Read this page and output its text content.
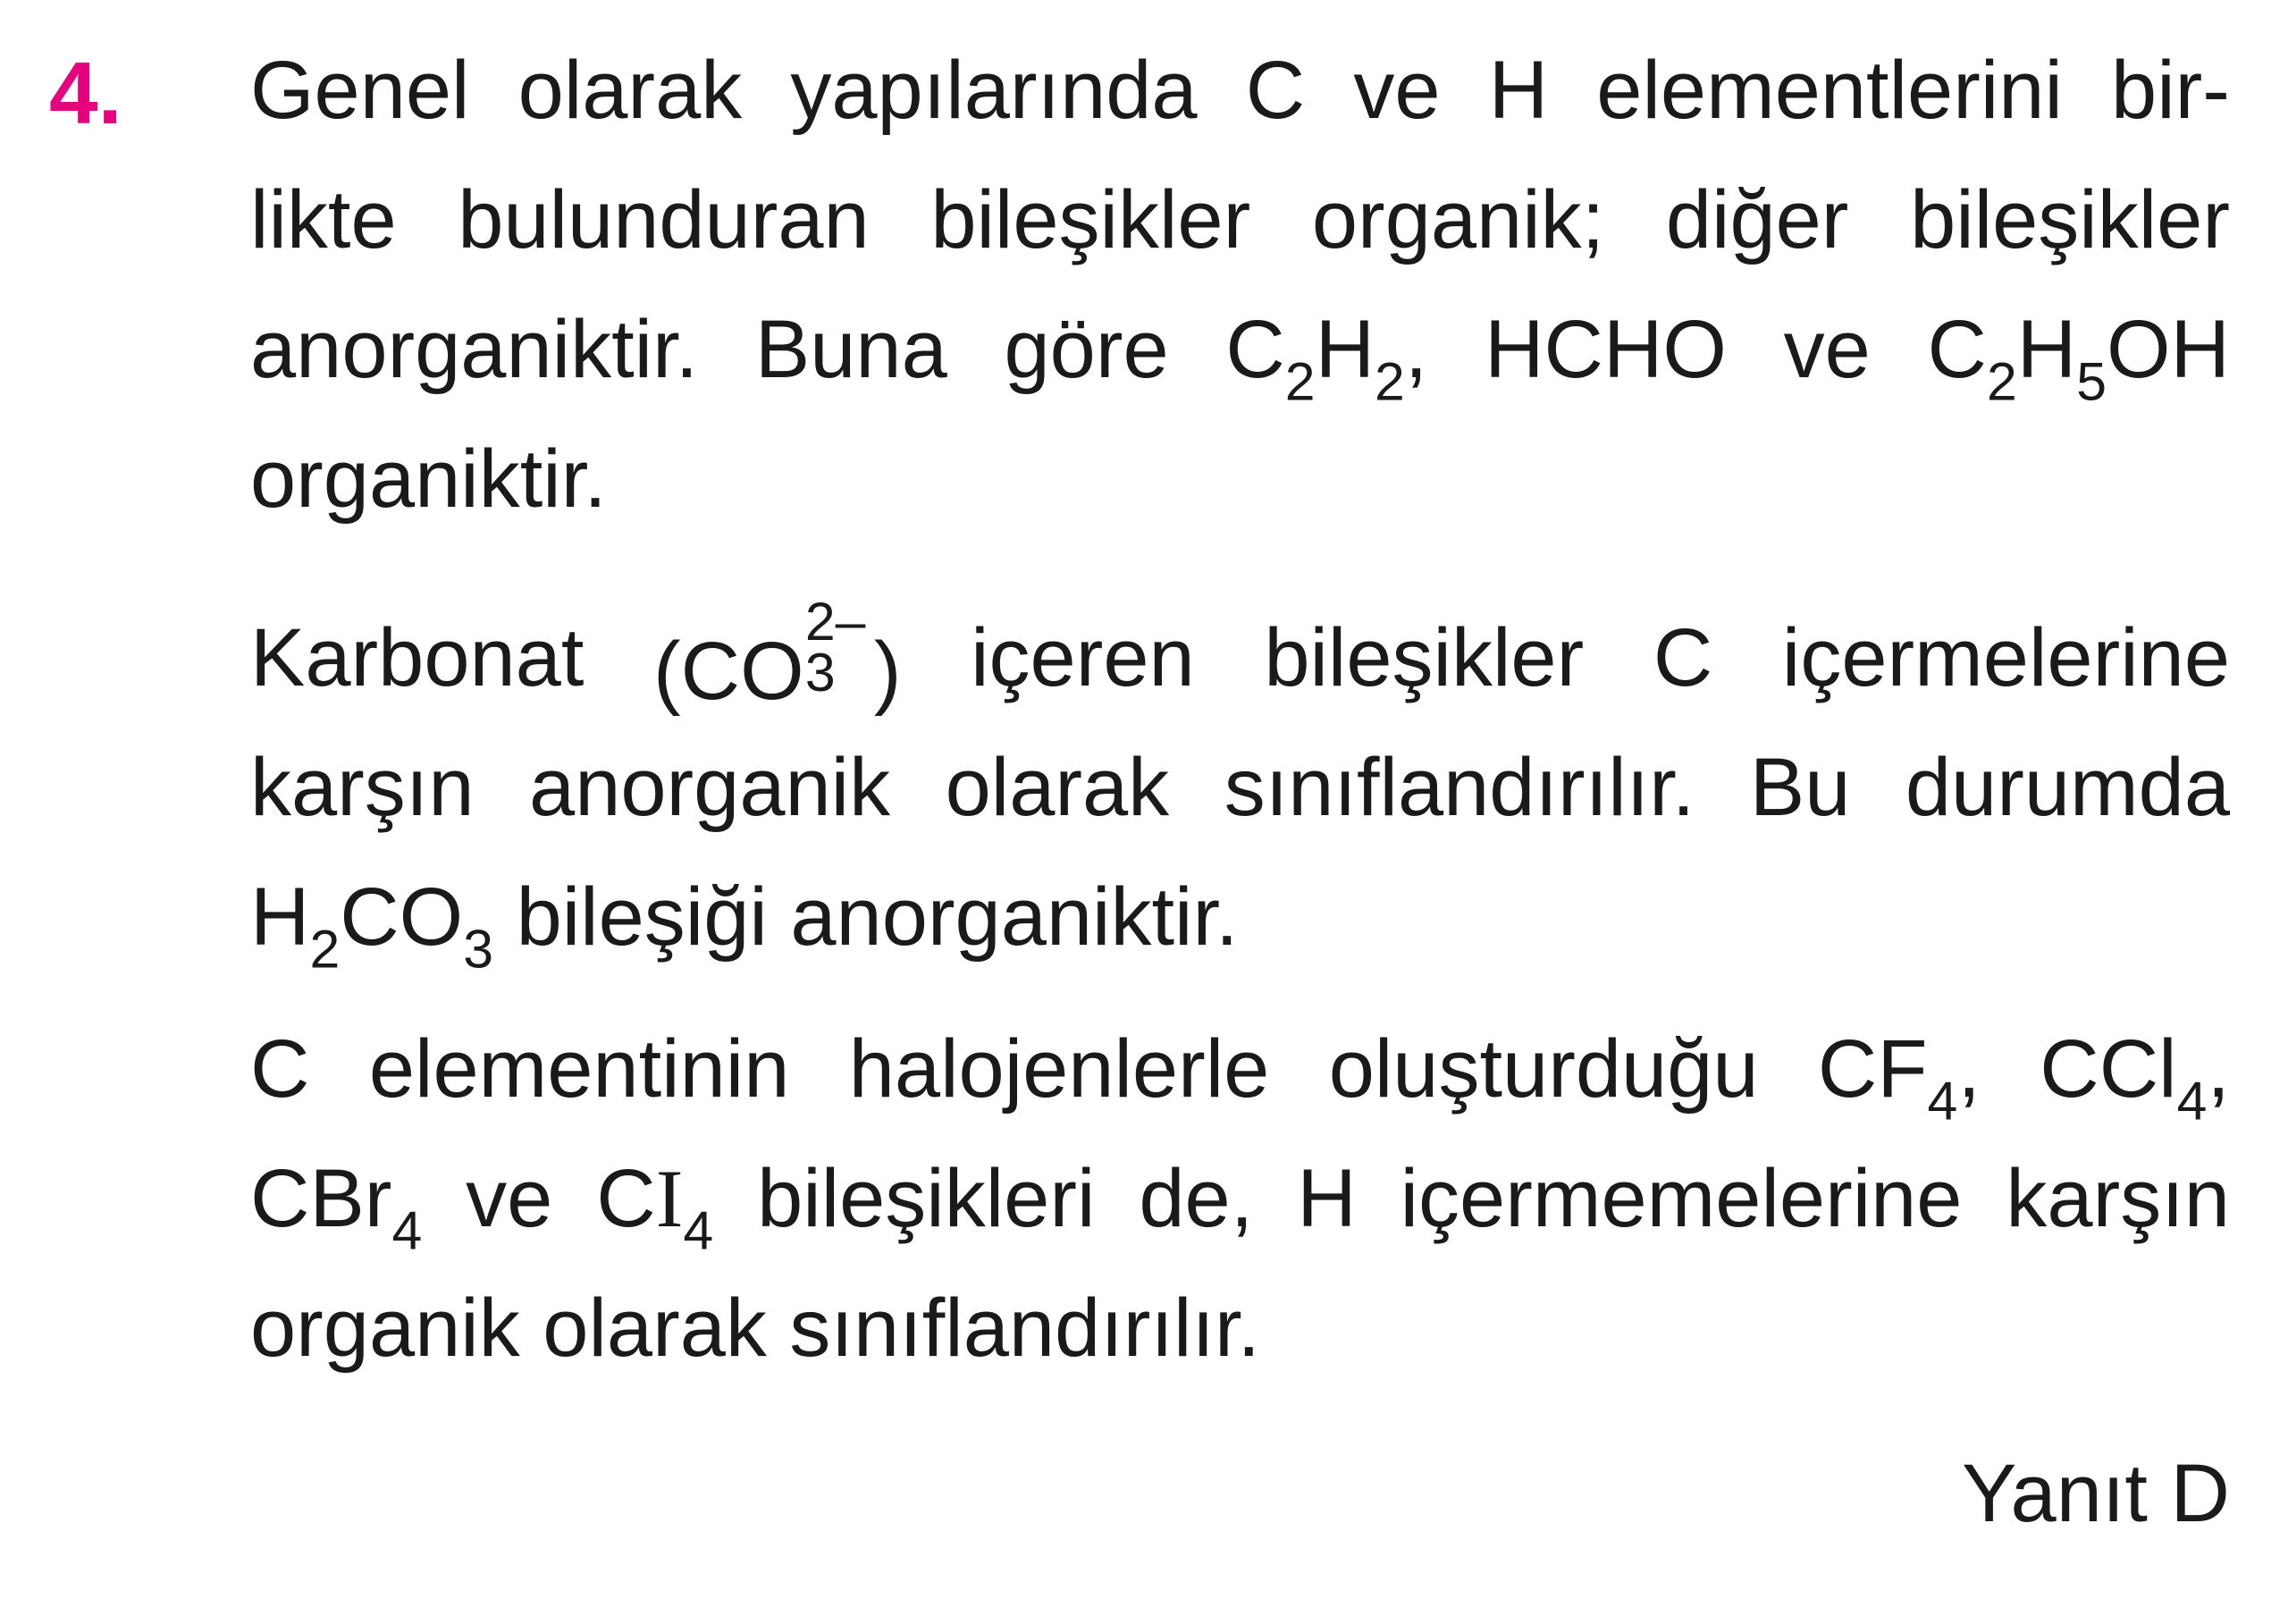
4. Genel olarak yapılarında C ve H elementlerini bir-
likte bulunduran bileşikler organik; diğer bileşikler
anorganiktir. Buna göre $C_2H_2$, HCHO ve $C_2H_5OH$
organiktir.
Karbonat (CO
2–
3 ) içeren bileşikler C içermelerine
karşın anorganik olarak sınıflandırılır. Bu durumda
$H_2CO_3$ bileşiği anorganiktir.
C elementinin halojenlerle oluşturduğu $CF_4$, CCl$_4$,
CBr$_4$ ve $CI_4$ bileşikleri de, H içermemelerine karşın
organik olarak sınıflandırılır.
Yanıt D
